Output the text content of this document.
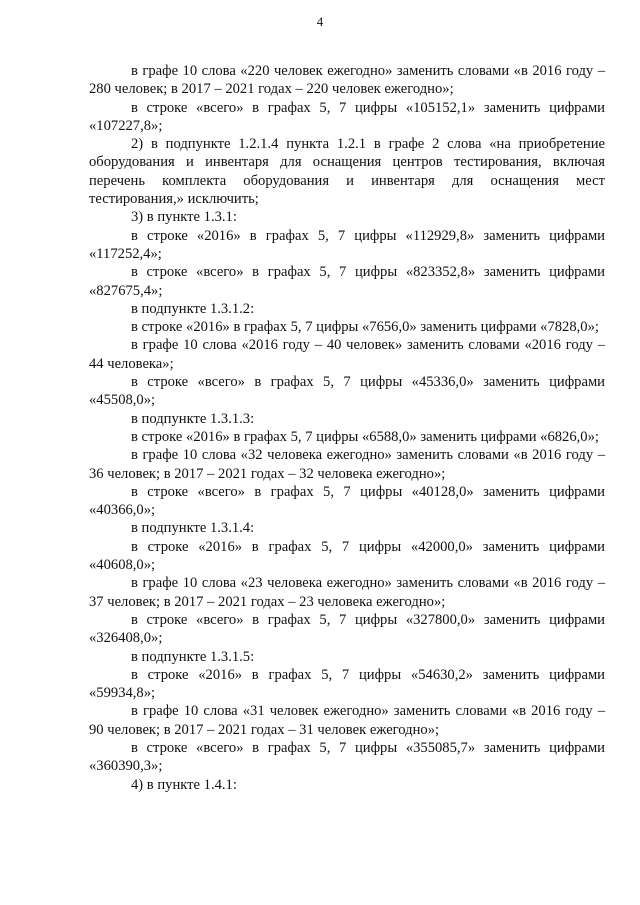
4

в графе 10 слова «220 человек ежегодно» заменить словами «в 2016 году – 280 человек; в 2017 – 2021 годах – 220 человек ежегодно»;

в строке «всего» в графах 5, 7 цифры «105152,1» заменить цифрами «107227,8»;

2) в подпункте 1.2.1.4 пункта 1.2.1 в графе 2 слова «на приобретение оборудования и инвентаря для оснащения центров тестирования, включая перечень комплекта оборудования и инвентаря для оснащения мест тестирования,» исключить;

3) в пункте 1.3.1:

в строке «2016» в графах 5, 7 цифры «112929,8» заменить цифрами «117252,4»;

в строке «всего» в графах 5, 7 цифры «823352,8» заменить цифрами «827675,4»;

в подпункте 1.3.1.2:

в строке «2016» в графах 5, 7 цифры «7656,0» заменить цифрами «7828,0»;

в графе 10 слова «2016 году – 40 человек» заменить словами «2016 году – 44 человека»;

в строке «всего» в графах 5, 7 цифры «45336,0» заменить цифрами «45508,0»;

в подпункте 1.3.1.3:

в строке «2016» в графах 5, 7 цифры «6588,0» заменить цифрами «6826,0»;

в графе 10 слова «32 человека ежегодно» заменить словами «в 2016 году – 36 человек; в 2017 – 2021 годах – 32 человека ежегодно»;

в строке «всего» в графах 5, 7 цифры «40128,0» заменить цифрами «40366,0»;

в подпункте 1.3.1.4:

в строке «2016» в графах 5, 7 цифры «42000,0» заменить цифрами «40608,0»;

в графе 10 слова «23 человека ежегодно» заменить словами «в 2016 году – 37 человек; в 2017 – 2021 годах – 23 человека ежегодно»;

в строке «всего» в графах 5, 7 цифры «327800,0» заменить цифрами «326408,0»;

в подпункте 1.3.1.5:

в строке «2016» в графах 5, 7 цифры «54630,2» заменить цифрами «59934,8»;

в графе 10 слова «31 человек ежегодно» заменить словами «в 2016 году – 90 человек; в 2017 – 2021 годах – 31 человек ежегодно»;

в строке «всего» в графах 5, 7 цифры «355085,7» заменить цифрами «360390,3»;

4) в пункте 1.4.1:
